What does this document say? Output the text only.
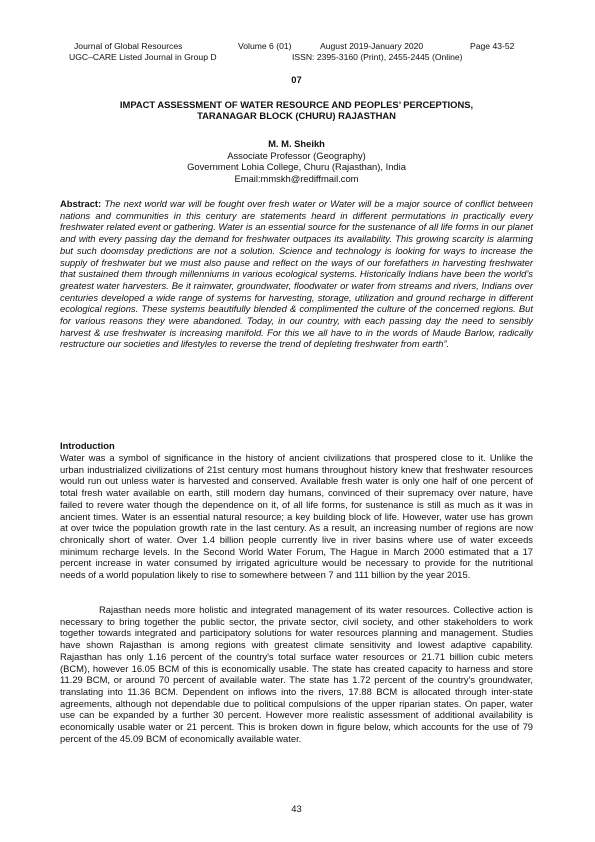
Journal of Global Resources	Volume 6 (01)	August 2019-January 2020	Page 43-52
UGC–CARE Listed Journal in Group D	ISSN: 2395-3160 (Print), 2455-2445 (Online)
07
IMPACT ASSESSMENT OF WATER RESOURCE AND PEOPLES’ PERCEPTIONS,
TARANAGAR BLOCK (CHURU) RAJASTHAN
M. M. Sheikh
Associate Professor (Geography)
Government Lohia College, Churu (Rajasthan), India
Email:mmskh@rediffmail.com
Abstract: The next world war will be fought over fresh water or Water will be a major source of conflict between nations and communities in this century are statements heard in different permutations in practically every freshwater related event or gathering. Water is an essential source for the sustenance of all life forms in our planet and with every passing day the demand for freshwater outpaces its availability. This growing scarcity is alarming but such doomsday predictions are not a solution. Science and technology is looking for ways to increase the supply of freshwater but we must also pause and reflect on the ways of our forefathers in harvesting freshwater that sustained them through millenniums in various ecological systems. Historically Indians have been the world’s greatest water harvesters. Be it rainwater, groundwater, floodwater or water from streams and rivers, Indians over centuries developed a wide range of systems for harvesting, storage, utilization and ground recharge in different ecological regions. These systems beautifully blended & complimented the culture of the concerned regions. But for various reasons they were abandoned. Today, in our country, with each passing day the need to sensibly harvest & use freshwater is increasing manifold. For this we all have to in the words of Maude Barlow, radically restructure our societies and lifestyles to reverse the trend of depleting freshwater from earth”.
Introduction
Water was a symbol of significance in the history of ancient civilizations that prospered close to it. Unlike the urban industrialized civilizations of 21st century most humans throughout history knew that freshwater resources would run out unless water is harvested and conserved. Available fresh water is only one half of one percent of total fresh water available on earth, still modern day humans, convinced of their supremacy over nature, have failed to revere water though the dependence on it, of all life forms, for sustenance is still as much as it was in ancient times. Water is an essential natural resource; a key building block of life. However, water use has grown at over twice the population growth rate in the last century. As a result, an increasing number of regions are now chronically short of water. Over 1.4 billion people currently live in river basins where use of water exceeds minimum recharge levels. In the Second World Water Forum, The Hague in March 2000 estimated that a 17 percent increase in water consumed by irrigated agriculture would be necessary to provide for the nutritional needs of a world population likely to rise to somewhere between 7 and 111 billion by the year 2015.
Rajasthan needs more holistic and integrated management of its water resources. Collective action is necessary to bring together the public sector, the private sector, civil society, and other stakeholders to work together towards integrated and participatory solutions for water resources planning and management. Studies have shown Rajasthan is among regions with greatest climate sensitivity and lowest adaptive capability. Rajasthan has only 1.16 percent of the country's total surface water resources or 21.71 billion cubic meters (BCM), however 16.05 BCM of this is economically usable. The state has created capacity to harness and store 11.29 BCM, or around 70 percent of available water. The state has 1.72 percent of the country's groundwater, translating into 11.36 BCM. Dependent on inflows into the rivers, 17.88 BCM is allocated through inter-state agreements, although not dependable due to political compulsions of the upper riparian states. On paper, water use can be expanded by a further 30 percent. However more realistic assessment of additional availability is economically usable water or 21 percent. This is broken down in figure below, which accounts for the use of 79 percent of the 45.09 BCM of economically available water.
43
